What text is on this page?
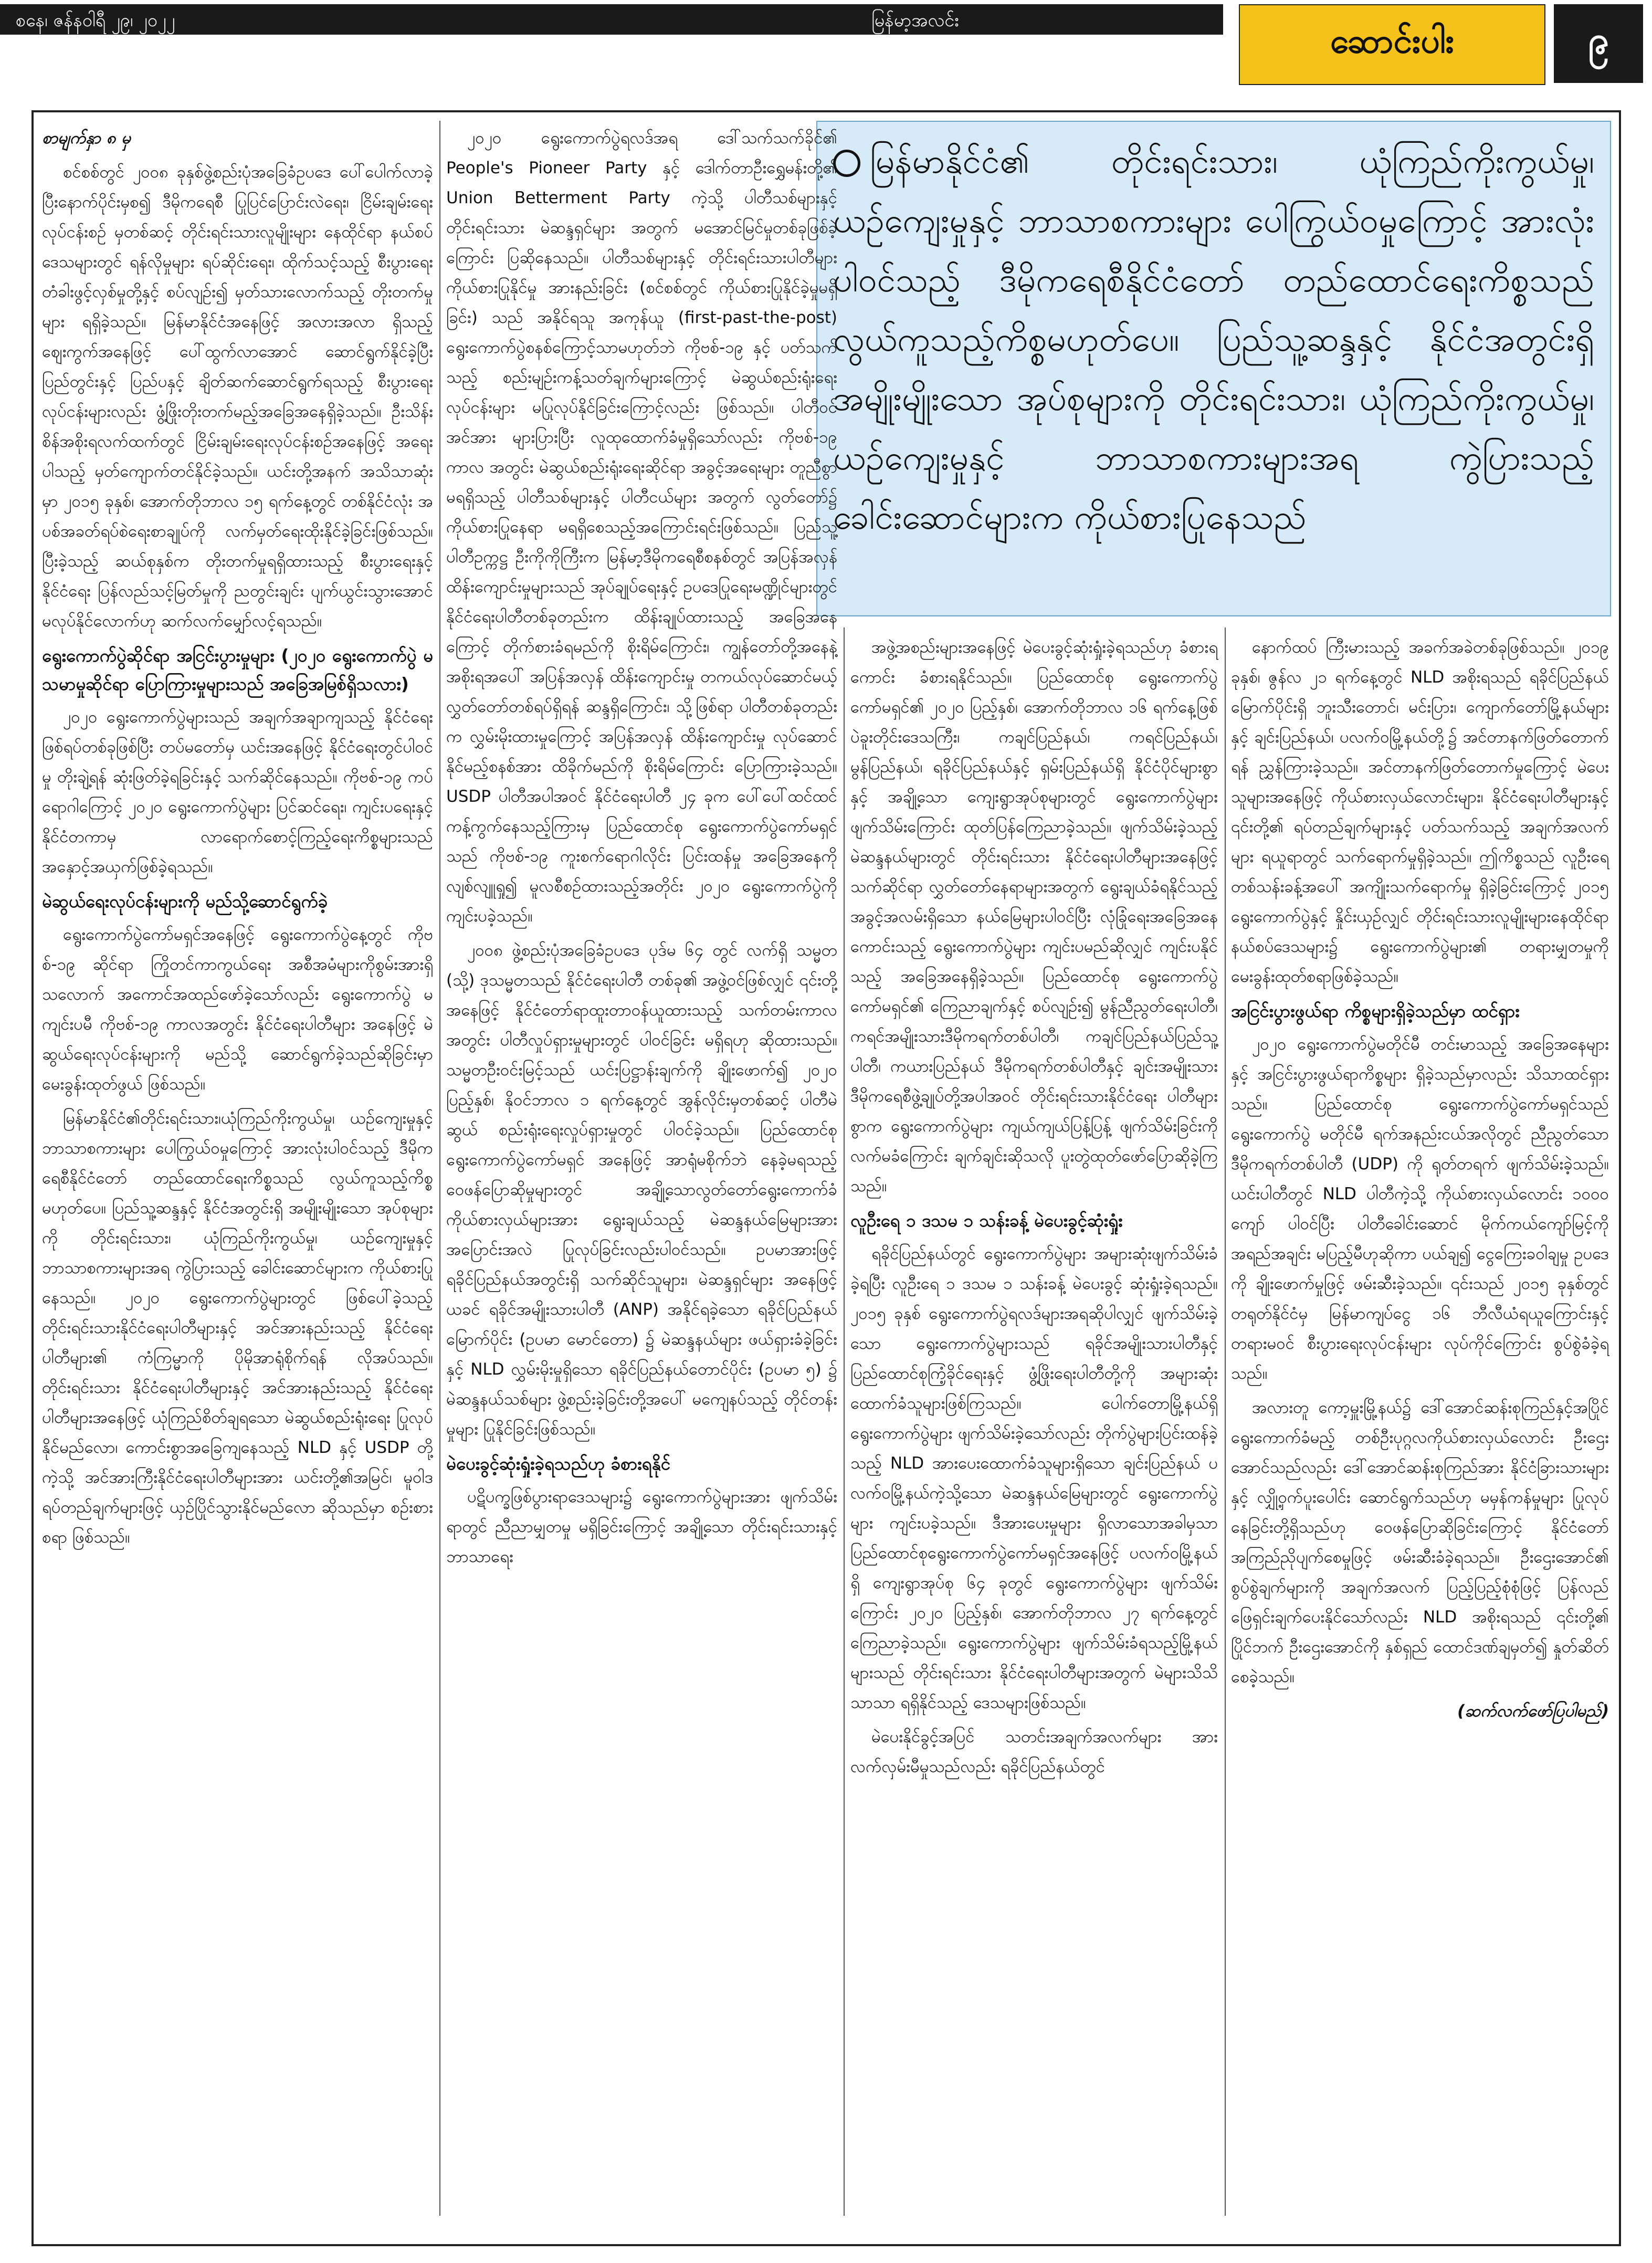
စနေ၊ ဇန်နဝါရီ ၂၉၊ ၂၀၂၂	မြန်မာ့အလင်း
ဆောင်းပါး	၉
မြန်မာနိုင်ငံ၏ တိုင်းရင်းသား၊ ယုံကြည်ကိုးကွယ်မှု၊ ယဉ်ကျေးမှုနှင့် ဘာသာစကားများ ပေါကြွယ်ဝမှုကြောင့် အားလုံးပါဝင်သည့် ဒီမိုကရေစီနိုင်ငံတော် တည်ထောင်ရေးကိစ္စသည် လွယ်ကူသည့်ကိစ္စမဟုတ်ပေ။ ပြည်သူ့ဆန္ဒနှင့် နိုင်ငံအတွင်းရှိ အမျိုးမျိုးသော အုပ်စုများကို တိုင်းရင်းသား၊ ယုံကြည်ကိုးကွယ်မှု၊ ယဉ်ကျေးမှုနှင့် ဘာသာစကားများအရ ကွဲပြားသည့် ခေါင်းဆောင်များက ကိုယ်စားပြုနေသည်

စာမျက်နှာ ၈ မှ

စင်စစ်တွင် ၂၀၀၈ ခုနှစ်ဖွဲ့စည်းပုံအခြေခံဥပဒေ ပေါ်ပေါက်လာခဲ့ပြီးနောက်ပိုင်းမှစ၍ ဒီမိုကရေစီ ပြုပြင်ပြောင်းလဲရေး၊ ငြိမ်းချမ်းရေးလုပ်ငန်းစဉ် မှတစ်ဆင့် တိုင်းရင်းသားလူမျိုးများ နေထိုင်ရာ နယ်စပ်ဒေသများတွင် ရန်လိုမှုများ ရပ်ဆိုင်းရေး၊ ထိုက်သင့်သည့် စီးပွားရေးတံခါးဖွင့်လှစ်မှုတို့နှင့် စပ်လျဉ်း၍ မှတ်သားလောက်သည့် တိုးတက်မှုများ ရရှိခဲ့သည်။ မြန်မာနိုင်ငံအနေဖြင့် အလားအလာ ရှိသည့် ဈေးကွက်အနေဖြင့် ပေါ်ထွက်လာအောင် ဆောင်ရွက်နိုင်ခဲ့ပြီး ပြည်တွင်းနှင့် ပြည်ပနှင့် ချိတ်ဆက်ဆောင်ရွက်ရသည့် စီးပွားရေးလုပ်ငန်းများလည်း ဖွံ့ဖြိုးတိုးတက်မည့်အခြေအနေရှိခဲ့သည်။ ဦးသိန်းစိန်အစိုးရလက်ထက်တွင် ငြိမ်းချမ်းရေးလုပ်ငန်းစဉ်အနေဖြင့် အရေးပါသည့် မှတ်ကျောက်တင်နိုင်ခဲ့သည်။ ယင်းတို့အနက် အသိသာဆုံးမှာ ၂၀၁၅ ခုနှစ်၊ အောက်တိုဘာလ ၁၅ ရက်နေ့တွင် တစ်နိုင်ငံလုံး အပစ်အခတ်ရပ်စဲရေးစာချုပ်ကို လက်မှတ်ရေးထိုးနိုင်ခဲ့ခြင်းဖြစ်သည်။ ပြီးခဲ့သည့် ဆယ်စုနှစ်က တိုးတက်မှုရရှိထားသည့် စီးပွားရေးနှင့် နိုင်ငံရေး ပြန်လည်သင့်မြတ်မှုကို ညတွင်းချင်း ပျက်ယွင်းသွားအောင် မလုပ်နိုင်လောက်ဟု ဆက်လက်မျှော်လင့်ရသည်။

ရွေးကောက်ပွဲဆိုင်ရာ အငြင်းပွားမှုများ (၂၀၂၀ ရွေးကောက်ပွဲ မသမာမှုဆိုင်ရာ ပြောကြားမှုများသည် အခြေအမြစ်ရှိသလား)

၂၀၂၀ ရွေးကောက်ပွဲများသည် အချက်အချာကျသည့် နိုင်ငံရေးဖြစ်ရပ်တစ်ခုဖြစ်ပြီး တပ်မတော်မှ ယင်းအနေဖြင့် နိုင်ငံရေးတွင်ပါဝင်မှု တိုးချဲ့ရန် ဆုံးဖြတ်ခဲ့ရခြင်းနှင့် သက်ဆိုင်နေသည်။ ကိုဗစ်-၁၉ ကပ်ရောဂါကြောင့် ၂၀၂၀ ရွေးကောက်ပွဲများ ပြင်ဆင်ရေး၊ ကျင်းပရေးနှင့် နိုင်ငံတကာမှ လာရောက်စောင့်ကြည့်ရေးကိစ္စများသည် အနှောင့်အယှက်ဖြစ်ခဲ့ရသည်။

မဲဆွယ်ရေးလုပ်ငန်းများကို မည်သို့ဆောင်ရွက်ခဲ့

ရွေးကောက်ပွဲကော်မရှင်အနေဖြင့် ရွေးကောက်ပွဲနေ့တွင် ကိုဗစ်-၁၉ ဆိုင်ရာ ကြိုတင်ကာကွယ်ရေး အစီအမံများကိုစွမ်းအားရှိသလောက် အကောင်အထည်ဖော်ခဲ့သော်လည်း ရွေးကောက်ပွဲ မကျင်းပမီ ကိုဗစ်-၁၉ ကာလအတွင်း နိုင်ငံရေးပါတီများ အနေဖြင့် မဲဆွယ်ရေးလုပ်ငန်းများကို မည်သို့ ဆောင်ရွက်ခဲ့သည်ဆိုခြင်းမှာ မေးခွန်းထုတ်ဖွယ် ဖြစ်သည်။

မြန်မာနိုင်ငံ၏တိုင်းရင်းသား၊ယုံကြည်ကိုးကွယ်မှု၊ ယဉ်ကျေးမှုနှင့် ဘာသာစကားများ ပေါကြွယ်ဝမှုကြောင့် အားလုံးပါဝင်သည့် ဒီမိုကရေစီနိုင်ငံတော် တည်ထောင်ရေးကိစ္စသည် လွယ်ကူသည့်ကိစ္စ မဟုတ်ပေ။ ပြည်သူ့ဆန္ဒနှင့် နိုင်ငံအတွင်းရှိ အမျိုးမျိုးသော အုပ်စုများကို တိုင်းရင်းသား၊ ယုံကြည်ကိုးကွယ်မှု၊ ယဉ်ကျေးမှုနှင့် ဘာသာစကားများအရ ကွဲပြားသည့် ခေါင်းဆောင်များက ကိုယ်စားပြုနေသည်။ ၂၀၂၀ ရွေးကောက်ပွဲများတွင် ဖြစ်ပေါ်ခဲ့သည့် တိုင်းရင်းသားနိုင်ငံရေးပါတီများနှင့် အင်အားနည်းသည့် နိုင်ငံရေးပါတီများ၏ ကံကြမ္မာကို ပိုမိုအာရုံစိုက်ရန် လိုအပ်သည်။ တိုင်းရင်းသား နိုင်ငံရေးပါတီများနှင့် အင်အားနည်းသည့် နိုင်ငံရေးပါတီများအနေဖြင့် ယုံကြည်စိတ်ချရသော မဲဆွယ်စည်းရုံးရေး ပြုလုပ်နိုင်မည်လော၊ ကောင်းစွာအခြေကျနေသည့် NLD နှင့် USDP တို့ ကဲ့သို့ အင်အားကြီးနိုင်ငံရေးပါတီများအား ယင်းတို့၏အမြင်၊ မူဝါဒရပ်တည်ချက်များဖြင့် ယှဉ်ပြိုင်သွားနိုင်မည်လော ဆိုသည်မှာ စဉ်းစားစရာ ဖြစ်သည်။

၂၀၂၀ ရွေးကောက်ပွဲရလဒ်အရ ဒေါ်သက်သက်ခိုင်၏ People's Pioneer Party နှင့် ဒေါက်တာဦးရွှေမန်းတို့၏ Union Betterment Party ကဲ့သို့ ပါတီသစ်များနှင့် တိုင်းရင်းသား မဲဆန္ဒရှင်များ အတွက် မအောင်မြင်မှုတစ်ခုဖြစ်ခဲ့ကြောင်း ပြဆိုနေသည်။ ပါတီသစ်များနှင့် တိုင်းရင်းသားပါတီများ ကိုယ်စားပြုနိုင်မှု အားနည်းခြင်း (စင်စစ်တွင် ကိုယ်စားပြုနိုင်ခဲ့မှုမရှိခြင်း) သည် အနိုင်ရသူ အကုန်ယူ (first-past-the-post) ရွေးကောက်ပွဲစနစ်ကြောင့်သာမဟုတ်ဘဲ ကိုဗစ်-၁၉ နှင့် ပတ်သက်သည့် စည်းမျဉ်းကန့်သတ်ချက်များကြောင့် မဲဆွယ်စည်းရုံးရေးလုပ်ငန်းများ မပြုလုပ်နိုင်ခြင်းကြောင့်လည်း ဖြစ်သည်။ ပါတီဝင်အင်အား များပြားပြီး လူထုထောက်ခံမှုရှိသော်လည်း ကိုဗစ်-၁၉ ကာလ အတွင်း မဲဆွယ်စည်းရုံးရေးဆိုင်ရာ အခွင့်အရေးများ တူညီစွာမရရှိသည့် ပါတီသစ်များနှင့် ပါတီငယ်များ အတွက် လွတ်တော်၌ ကိုယ်စားပြုနေရာ မရရှိစေသည့်အကြောင်းရင်းဖြစ်သည်။ ပြည်သူ့ပါတီဥက္ကဋ္ဌ ဦးကိုကိုကြီးက မြန်မာ့ဒီမိုကရေစီစနစ်တွင် အပြန်အလှန် ထိန်းကျောင်းမှုများသည် အုပ်ချုပ်ရေးနှင့် ဥပဒေပြုရေးမဏ္ဍိုင်များတွင် နိုင်ငံရေးပါတီတစ်ခုတည်းက ထိန်းချုပ်ထားသည့် အခြေအနေကြောင့် တိုက်စားခံရမည်ကို စိုးရိမ်ကြောင်း၊ ကျွန်တော်တို့အနေနဲ့ အစိုးရအပေါ် အပြန်အလှန် ထိန်းကျောင်းမှု တကယ်လုပ်ဆောင်မယ့် လွှတ်တော်တစ်ရပ်ရှိရန် ဆန္ဒရှိကြောင်း၊ သို့ဖြစ်ရာ ပါတီတစ်ခုတည်းက လွှမ်းမိုးထားမှုကြောင့် အပြန်အလှန် ထိန်းကျောင်းမှု လုပ်ဆောင်နိုင်မည့်စနစ်အား ထိခိုက်မည်ကို စိုးရိမ်ကြောင်း ပြောကြားခဲ့သည်။ USDP ပါတီအပါအဝင် နိုင်ငံရေးပါတီ ၂၄ ခုက ပေါ်ပေါ်ထင်ထင် ကန့်ကွက်နေသည့်ကြားမှ ပြည်ထောင်စု ရွေးကောက်ပွဲကော်မရှင်သည် ကိုဗစ်-၁၉ ကူးစက်ရောဂါလိုင်း ပြင်းထန်မှု အခြေအနေကို လျစ်လျူရှု၍ မူလစီစဉ်ထားသည့်အတိုင်း ၂၀၂၀ ရွေးကောက်ပွဲကို ကျင်းပခဲ့သည်။

၂၀၀၈ ဖွဲ့စည်းပုံအခြေခံဥပဒေ ပုဒ်မ ၆၄ တွင် လက်ရှိ သမ္မတ (သို့) ဒုသမ္မတသည် နိုင်ငံရေးပါတီ တစ်ခု၏ အဖွဲ့ဝင်ဖြစ်လျှင် ၎င်းတို့အနေဖြင့် နိုင်ငံတော်ရာထူးတာဝန်ယူထားသည့် သက်တမ်းကာလအတွင်း ပါတီလှုပ်ရှားမှုများတွင် ပါဝင်ခြင်း မရှိရဟု ဆိုထားသည်။ သမ္မတဦးဝင်းမြင့်သည် ယင်းပြဋ္ဌာန်းချက်ကို ချိုးဖောက်၍ ၂၀၂၀ ပြည့်နှစ်၊ နိုဝင်ဘာလ ၁ ရက်နေ့တွင် အွန်လိုင်းမှတစ်ဆင့် ပါတီမဲဆွယ် စည်းရုံးရေးလှုပ်ရှားမှုတွင် ပါဝင်ခဲ့သည်။ ပြည်ထောင်စု ရွေးကောက်ပွဲကော်မရှင် အနေဖြင့် အာရုံမစိုက်ဘဲ နေခဲ့မရသည့် ဝေဖန်ပြောဆိုမှုများတွင် အချို့သောလွတ်တော်ရွေးကောက်ခံကိုယ်စားလှယ်များအား ရွေးချယ်သည့် မဲဆန္ဒနယ်မြေများအား အပြောင်းအလဲ ပြုလုပ်ခြင်းလည်းပါဝင်သည်။ ဥပမာအားဖြင့် ရခိုင်ပြည်နယ်အတွင်းရှိ သက်ဆိုင်သူများ၊ မဲဆန္ဒရှင်များ အနေဖြင့် ယခင် ရခိုင်အမျိုးသားပါတီ (ANP) အနိုင်ရခဲ့သော ရခိုင်ပြည်နယ်မြောက်ပိုင်း (ဥပမာ မောင်တော) ၌ မဲဆန္ဒနယ်များ ဖယ်ရှားခံခဲ့ခြင်းနှင့် NLD လွှမ်းမိုးမှုရှိသော ရခိုင်ပြည်နယ်တောင်ပိုင်း (ဥပမာ ၅) ၌ မဲဆန္ဒနယ်သစ်များ ဖွဲ့စည်းခဲ့ခြင်းတို့အပေါ် မကျေနပ်သည့် တိုင်တန်းမှုများ ပြုနိုင်ခြင်းဖြစ်သည်။

မဲပေးခွင့်ဆုံးရှုံးခဲ့ရသည်ဟု ခံစားရနိုင်

ပဋိပက္ခဖြစ်ပွားရာဒေသများ၌ ရွေးကောက်ပွဲများအား ဖျက်သိမ်းရာတွင် ညီညာမျှတမှု မရှိခြင်းကြောင့် အချို့သော တိုင်းရင်းသားနှင့် ဘာသာရေး

အဖွဲ့အစည်းများအနေဖြင့် မဲပေးခွင့်ဆုံးရှုံးခဲ့ရသည်ဟု ခံစားရကောင်း ခံစားရနိုင်သည်။ ပြည်ထောင်စု ရွေးကောက်ပွဲကော်မရှင်၏ ၂၀၂၀ ပြည့်နှစ်၊ အောက်တိုဘာလ ၁၆ ရက်နေ့ဖြစ် ပဲခူးတိုင်းဒေသကြီး၊ ကချင်ပြည်နယ်၊ ကရင်ပြည်နယ်၊ မွန်ပြည်နယ်၊ ရခိုင်ပြည်နယ်နှင့် ရှမ်းပြည်နယ်ရှိ နိုင်ငံပိုင်များစွာနှင့် အချို့သော ကျေးရွာအုပ်စုများတွင် ရွေးကောက်ပွဲများ ဖျက်သိမ်းကြောင်း ထုတ်ပြန်ကြေညာခဲ့သည်။ ဖျက်သိမ်းခဲ့သည့် မဲဆန္ဒနယ်များတွင် တိုင်းရင်းသား နိုင်ငံရေးပါတီများအနေဖြင့် သက်ဆိုင်ရာ လွှတ်တော်နေရာများအတွက် ရွေးချယ်ခံရနိုင်သည့် အခွင့်အလမ်းရှိသော နယ်မြေများပါဝင်ပြီး လုံခြုံရေးအခြေအနေကောင်းသည့် ရွေးကောက်ပွဲများ ကျင်းပမည်ဆိုလျှင် ကျင်းပနိုင်သည့် အခြေအနေရှိခဲ့သည်။ ပြည်ထောင်စု ရွေးကောက်ပွဲကော်မရှင်၏ ကြေညာချက်နှင့် စပ်လျဉ်း၍ မွန်ညီညွတ်ရေးပါတီ၊ ကရင်အမျိုးသားဒီမိုကရက်တစ်ပါတီ၊ ကချင်ပြည်နယ်ပြည်သူ့ပါတီ၊ ကယားပြည်နယ် ဒီမိုကရက်တစ်ပါတီနှင့် ချင်းအမျိုးသား ဒီမိုကရေစီဖွဲ့ချုပ်တို့အပါအဝင် တိုင်းရင်းသားနိုင်ငံရေး ပါတီများစွာက ရွေးကောက်ပွဲများ ကျယ်ကျယ်ပြန့်ပြန့် ဖျက်သိမ်းခြင်းကို လက်မခံကြောင်း ချက်ချင်းဆိုသလို ပူးတွဲထုတ်ဖော်ပြောဆိုခဲ့ကြသည်။

လူဦးရေ ၁ ဒသမ ၁ သန်းခန့် မဲပေးခွင့်ဆုံးရှုံး

ရခိုင်ပြည်နယ်တွင် ရွေးကောက်ပွဲများ အများဆုံးဖျက်သိမ်းခံခဲ့ရပြီး လူဦးရေ ၁ ဒသမ ၁ သန်းခန့် မဲပေးခွင့် ဆုံးရှုံးခဲ့ရသည်။ ၂၀၁၅ ခုနှစ် ရွေးကောက်ပွဲရလဒ်များအရဆိုပါလျှင် ဖျက်သိမ်းခဲ့သော ရွေးကောက်ပွဲများသည် ရခိုင်အမျိုးသားပါတီနှင့် ပြည်ထောင်စုကြံ့ခိုင်ရေးနှင့် ဖွံ့ဖြိုးရေးပါတီတို့ကို အများဆုံးထောက်ခံသူများဖြစ်ကြသည်။ ပေါက်တောမြို့နယ်ရှိ ရွေးကောက်ပွဲများ ဖျက်သိမ်းခဲ့သော်လည်း တိုက်ပွဲများပြင်းထန်ခဲ့သည့် NLD အားပေးထောက်ခံသူများရှိသော ချင်းပြည်နယ် ပလက်ဝမြို့နယ်ကဲ့သို့သော မဲဆန္ဒနယ်မြေများတွင် ရွေးကောက်ပွဲများ ကျင်းပခဲ့သည်။ ဒီအားပေးမှုများ ရှိလာသောအခါမှသာ ပြည်ထောင်စုရွေးကောက်ပွဲကော်မရှင်အနေဖြင့် ပလက်ဝမြို့နယ်ရှိ ကျေးရွာအုပ်စု ၆၄ ခုတွင် ရွေးကောက်ပွဲများ ဖျက်သိမ်းကြောင်း ၂၀၂၀ ပြည့်နှစ်၊ အောက်တိုဘာလ ၂၇ ရက်နေ့တွင် ကြေညာခဲ့သည်။ ရွေးကောက်ပွဲများ ဖျက်သိမ်းခံရသည့်မြို့နယ်များသည် တိုင်းရင်းသား နိုင်ငံရေးပါတီများအတွက် မဲများသိသိသာသာ ရရှိနိုင်သည့် ဒေသများဖြစ်သည်။

မဲပေးနိုင်ခွင့်အပြင် သတင်းအချက်အလက်များ အား လက်လှမ်းမီမှုသည်လည်း ရခိုင်ပြည်နယ်တွင်

နောက်ထပ် ကြီးမားသည့် အခက်အခဲတစ်ခုဖြစ်သည်။ ၂၀၁၉ ခုနှစ်၊ ဇွန်လ ၂၁ ရက်နေ့တွင် NLD အစိုးရသည် ရခိုင်ပြည်နယ်မြောက်ပိုင်းရှိ ဘူးသီးတောင်၊ မင်းပြား၊ ကျောက်တော်မြို့နယ်များနှင့် ချင်းပြည်နယ်၊ ပလက်ဝမြို့နယ်တို့၌ အင်တာနက်ဖြတ်တောက်ရန် ညွှန်ကြားခဲ့သည်။ အင်တာနက်ဖြတ်တောက်မှုကြောင့် မဲပေးသူများအနေဖြင့် ကိုယ်စားလှယ်လောင်းများ၊ နိုင်ငံရေးပါတီများနှင့် ၎င်းတို့၏ ရပ်တည်ချက်များနှင့် ပတ်သက်သည့် အချက်အလက်များ ရယူရာတွင် သက်ရောက်မှုရှိခဲ့သည်။ ဤကိစ္စသည် လူဦးရေ တစ်သန်းခန့်အပေါ် အကျိုးသက်ရောက်မှု ရှိခဲ့ခြင်းကြောင့် ၂၀၁၅ ရွေးကောက်ပွဲနှင့် နှိုင်းယှဉ်လျှင် တိုင်းရင်းသားလူမျိုးများနေထိုင်ရာ နယ်စပ်ဒေသများ၌ ရွေးကောက်ပွဲများ၏ တရားမျှတမှုကို မေးခွန်းထုတ်စရာဖြစ်ခဲ့သည်။

အငြင်းပွားဖွယ်ရာ ကိစ္စများရှိခဲ့သည်မှာ ထင်ရှား

၂၀၂၀ ရွေးကောက်ပွဲမတိုင်မီ တင်းမာသည့် အခြေအနေများနှင့် အငြင်းပွားဖွယ်ရာကိစ္စများ ရှိခဲ့သည်မှာလည်း သိသာထင်ရှားသည်။ ပြည်ထောင်စု ရွေးကောက်ပွဲကော်မရှင်သည် ရွေးကောက်ပွဲ မတိုင်မီ ရက်အနည်းငယ်အလိုတွင် ညီညွတ်သော ဒီမိုကရက်တစ်ပါတီ (UDP) ကို ရုတ်တရက် ဖျက်သိမ်းခဲ့သည်။ ယင်းပါတီတွင် NLD ပါတီကဲ့သို့ ကိုယ်စားလှယ်လောင်း ၁၀၀၀ ကျော် ပါဝင်ပြီး ပါတီခေါင်းဆောင် မိုက်ကယ်ကျော်မြင့်ကို အရည်အချင်း မပြည့်မီဟုဆိုကာ ပယ်ချ၍ ငွေကြေးခဝါချမှု ဥပဒေကို ချိုးဖောက်မှုဖြင့် ဖမ်းဆီးခဲ့သည်။ ၎င်းသည် ၂၀၁၅ ခုနှစ်တွင် တရုတ်နိုင်ငံမှ မြန်မာကျပ်ငွေ ၁၆ ဘီလီယံရယူကြောင်းနှင့် တရားမဝင် စီးပွားရေးလုပ်ငန်းများ လုပ်ကိုင်ကြောင်း စွပ်စွဲခံခဲ့ရသည်။

အလားတူ ကော့မှူးမြို့နယ်၌ ဒေါ်အောင်ဆန်းစုကြည်နှင့်အပြိုင် ရွေးကောက်ခံမည့် တစ်ဦးပုဂ္ဂလကိုယ်စားလှယ်လောင်း ဦးဌေးအောင်သည်လည်း ဒေါ်အောင်ဆန်းစုကြည်အား နိုင်ငံခြားသားများနှင့် လျှို့ဝှက်ပူးပေါင်း ဆောင်ရွက်သည်ဟု မမှန်ကန်မှုများ ပြုလုပ်နေခြင်းတို့ရှိသည်ဟု ဝေဖန်ပြောဆိုခြင်းကြောင့် နိုင်ငံတော်အကြည်ညိုပျက်စေမှုဖြင့် ဖမ်းဆီးခံခဲ့ရသည်။ ဦးဌေးအောင်၏ စွပ်စွဲချက်များကို အချက်အလက် ပြည့်ပြည့်စုံစုံဖြင့် ပြန်လည်ဖြေရှင်းချက်ပေးနိုင်သော်လည်း NLD အစိုးရသည် ၎င်းတို့၏ ပြိုင်ဘက် ဦးဌေးအောင်ကို နှစ်ရှည် ထောင်ဒဏ်ချမှတ်၍ နှုတ်ဆိတ်စေခဲ့သည်။

(ဆက်လက်ဖော်ပြပါမည်)
